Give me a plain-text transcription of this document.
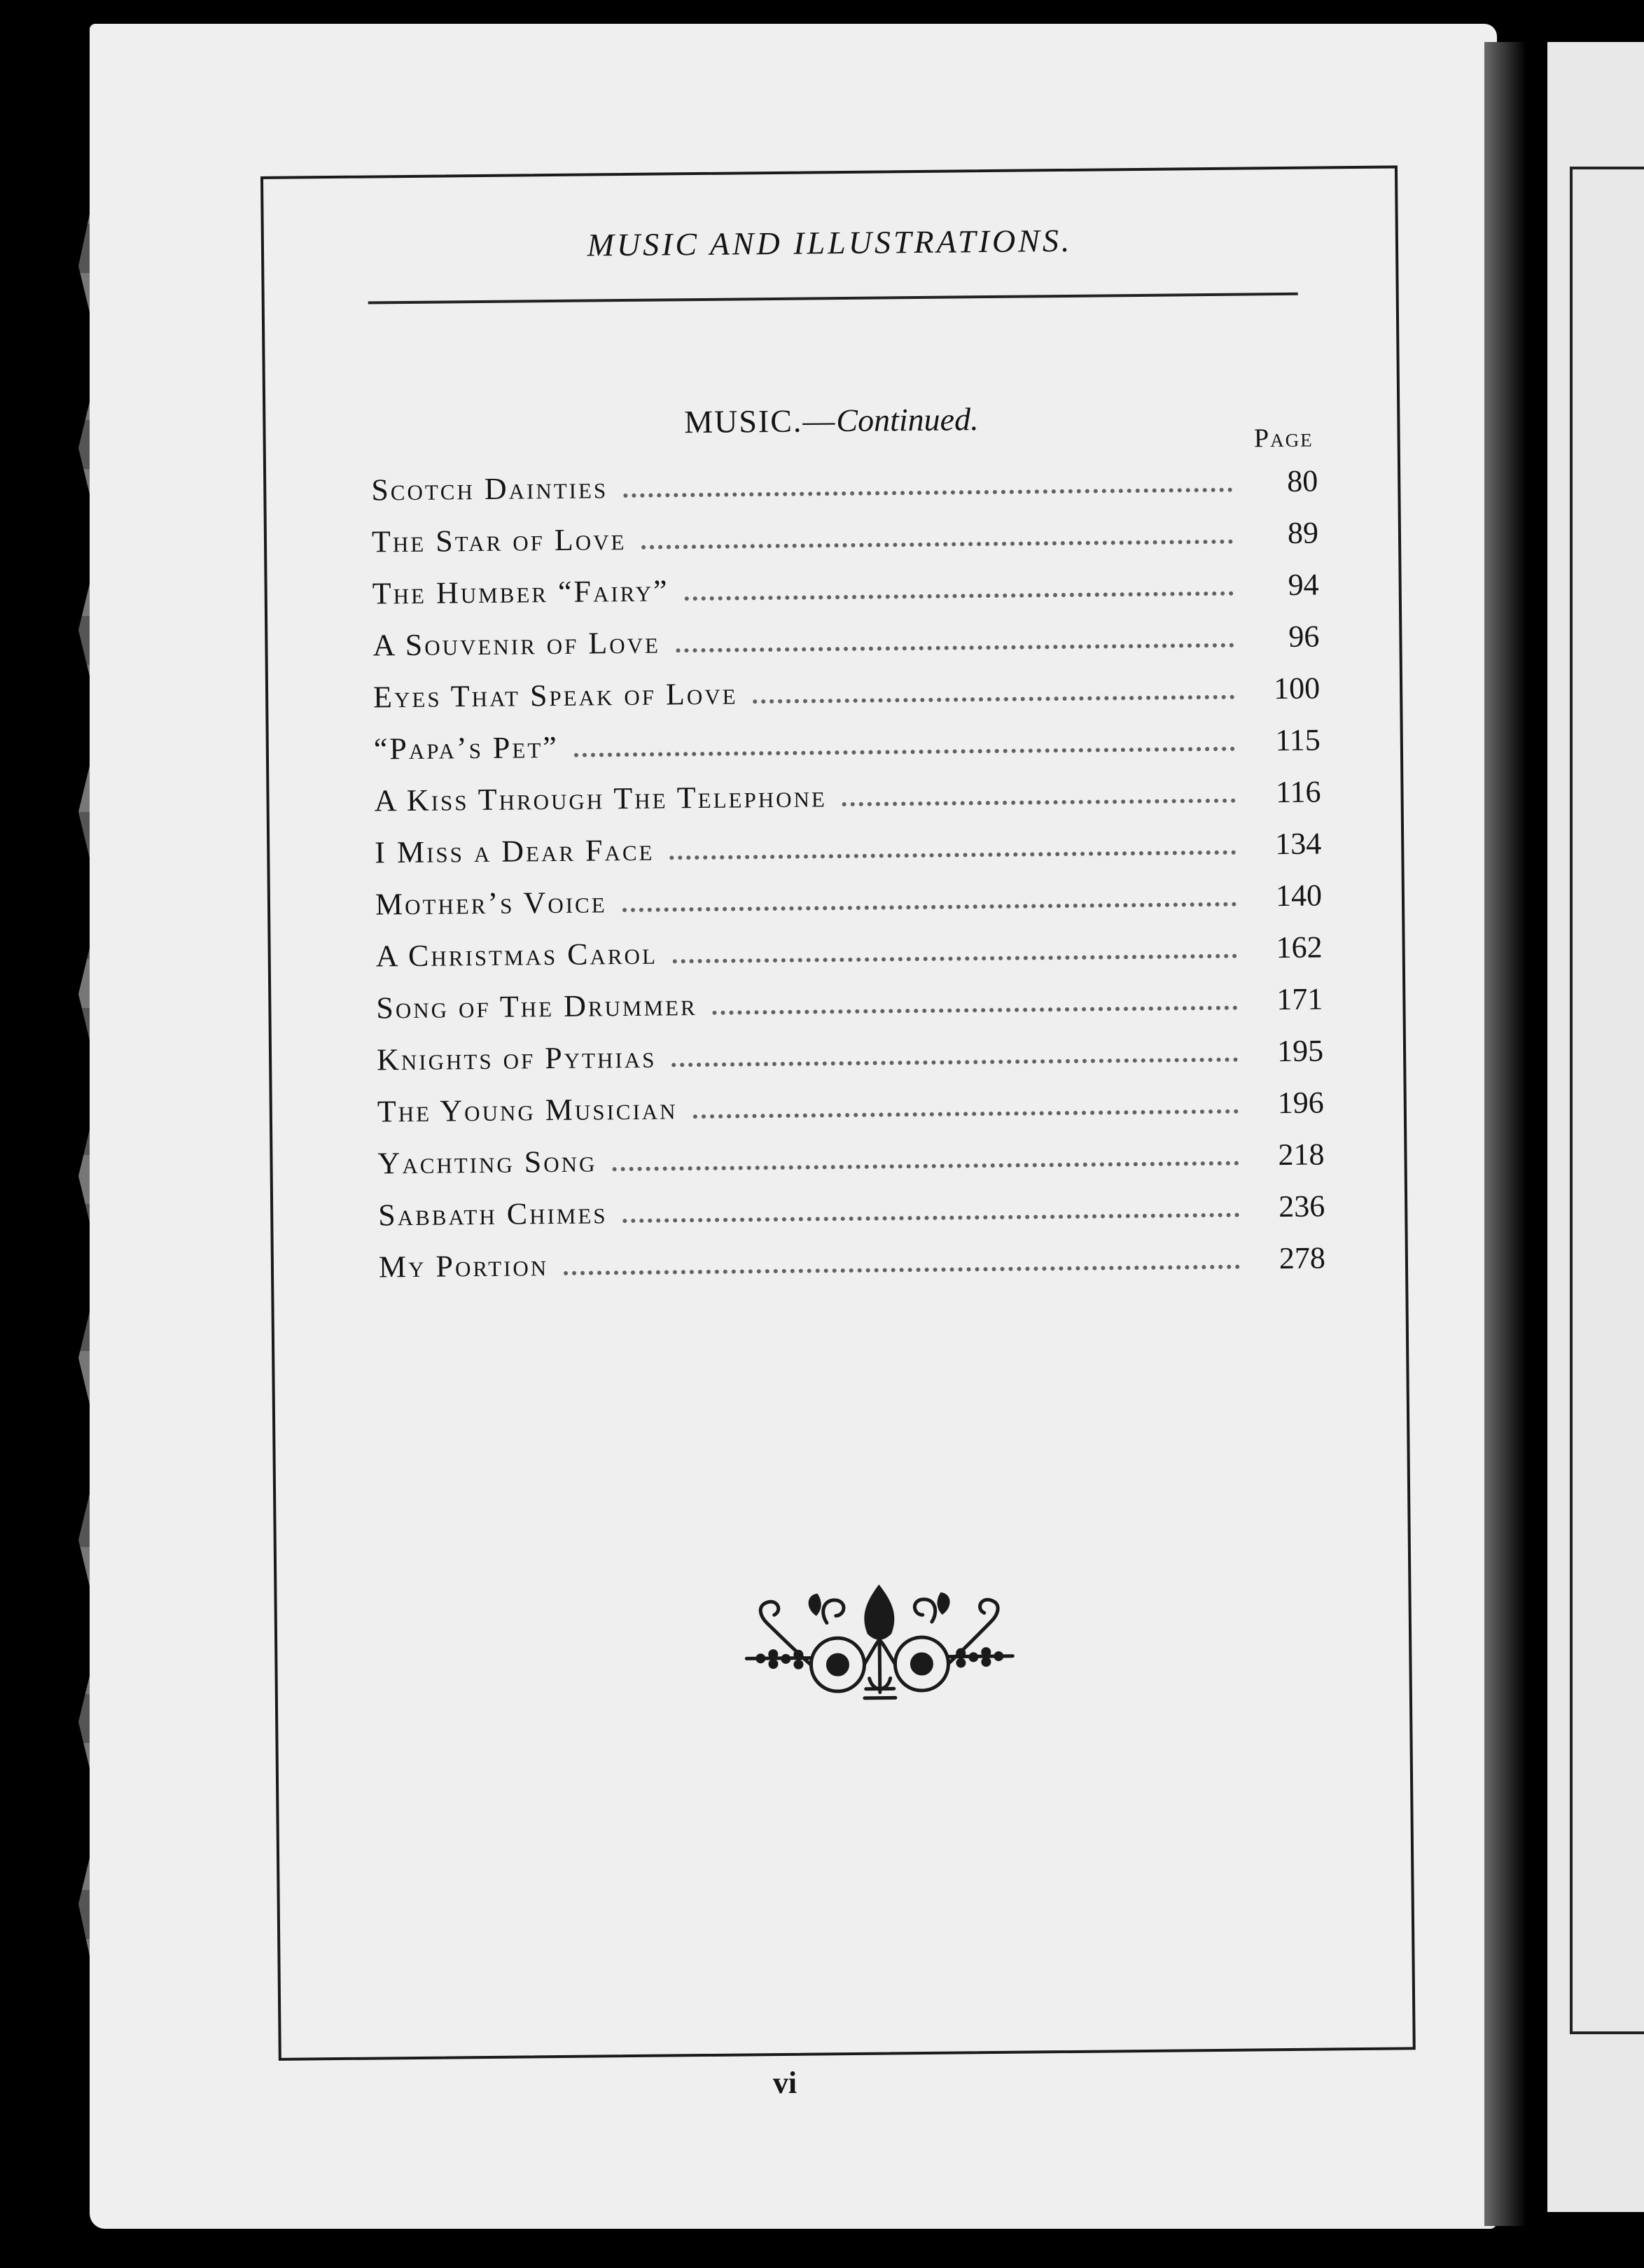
MUSIC AND ILLUSTRATIONS.
MUSIC.—Continued.	Page
Scotch Dainties	80
The Star of Love	89
The Humber “Fairy”	94
A Souvenir of Love	96
Eyes That Speak of Love	100
“Papa’s Pet”	115
A Kiss Through The Telephone	116
I Miss a Dear Face	134
Mother’s Voice	140
A Christmas Carol	162
Song of The Drummer	171
Knights of Pythias	195
The Young Musician	196
Yachting Song	218
Sabbath Chimes	236
My Portion	278
vi
